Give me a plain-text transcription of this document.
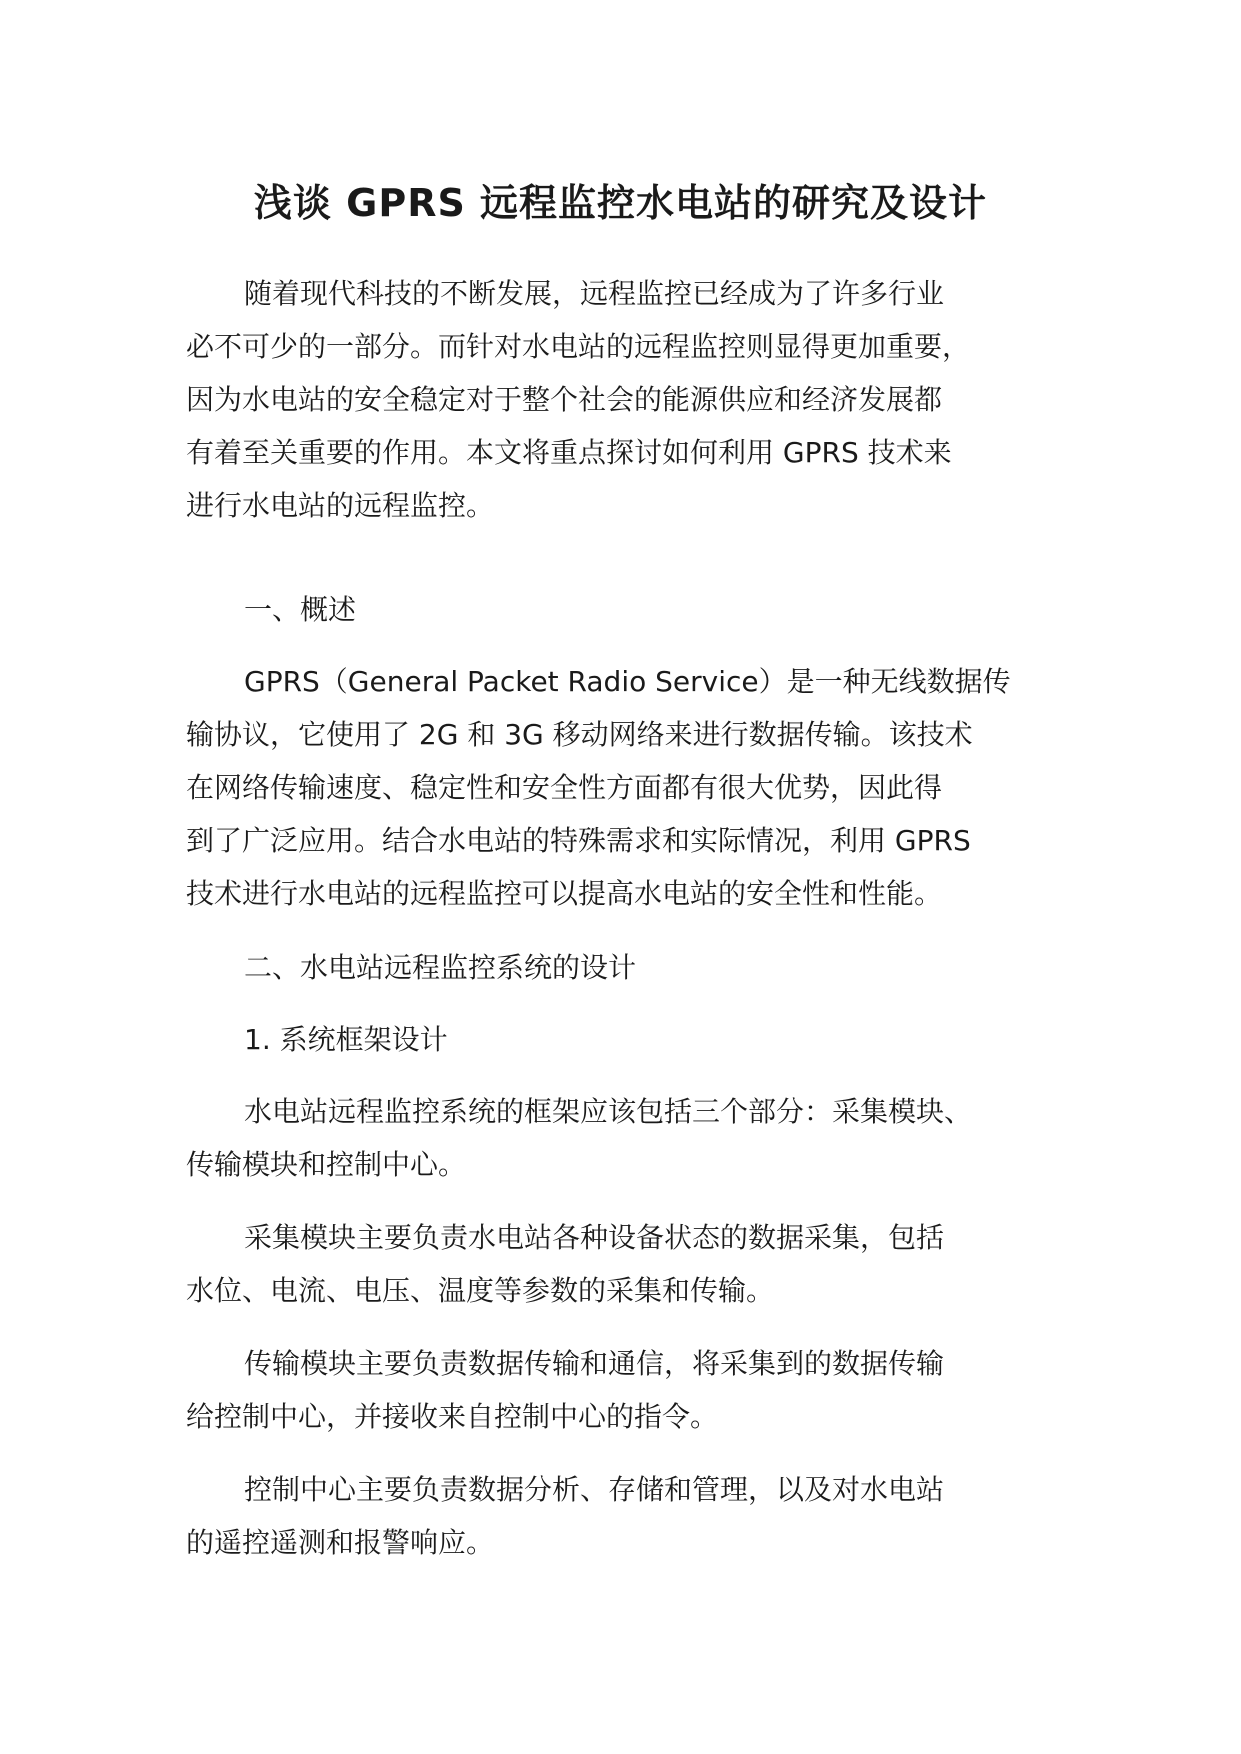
浅谈 GPRS 远程监控水电站的研究及设计
随着现代科技的不断发展，远程监控已经成为了许多行业
必不可少的一部分。而针对水电站的远程监控则显得更加重要，
因为水电站的安全稳定对于整个社会的能源供应和经济发展都
有着至关重要的作用。本文将重点探讨如何利用 GPRS 技术来
进行水电站的远程监控。
一、概述
GPRS（General Packet Radio Service）是一种无线数据传
输协议，它使用了 2G 和 3G 移动网络来进行数据传输。该技术
在网络传输速度、稳定性和安全性方面都有很大优势，因此得
到了广泛应用。结合水电站的特殊需求和实际情况，利用 GPRS
技术进行水电站的远程监控可以提高水电站的安全性和性能。
二、水电站远程监控系统的设计
1. 系统框架设计
水电站远程监控系统的框架应该包括三个部分：采集模块、
传输模块和控制中心。
采集模块主要负责水电站各种设备状态的数据采集，包括
水位、电流、电压、温度等参数的采集和传输。
传输模块主要负责数据传输和通信，将采集到的数据传输
给控制中心，并接收来自控制中心的指令。
控制中心主要负责数据分析、存储和管理，以及对水电站
的遥控遥测和报警响应。
